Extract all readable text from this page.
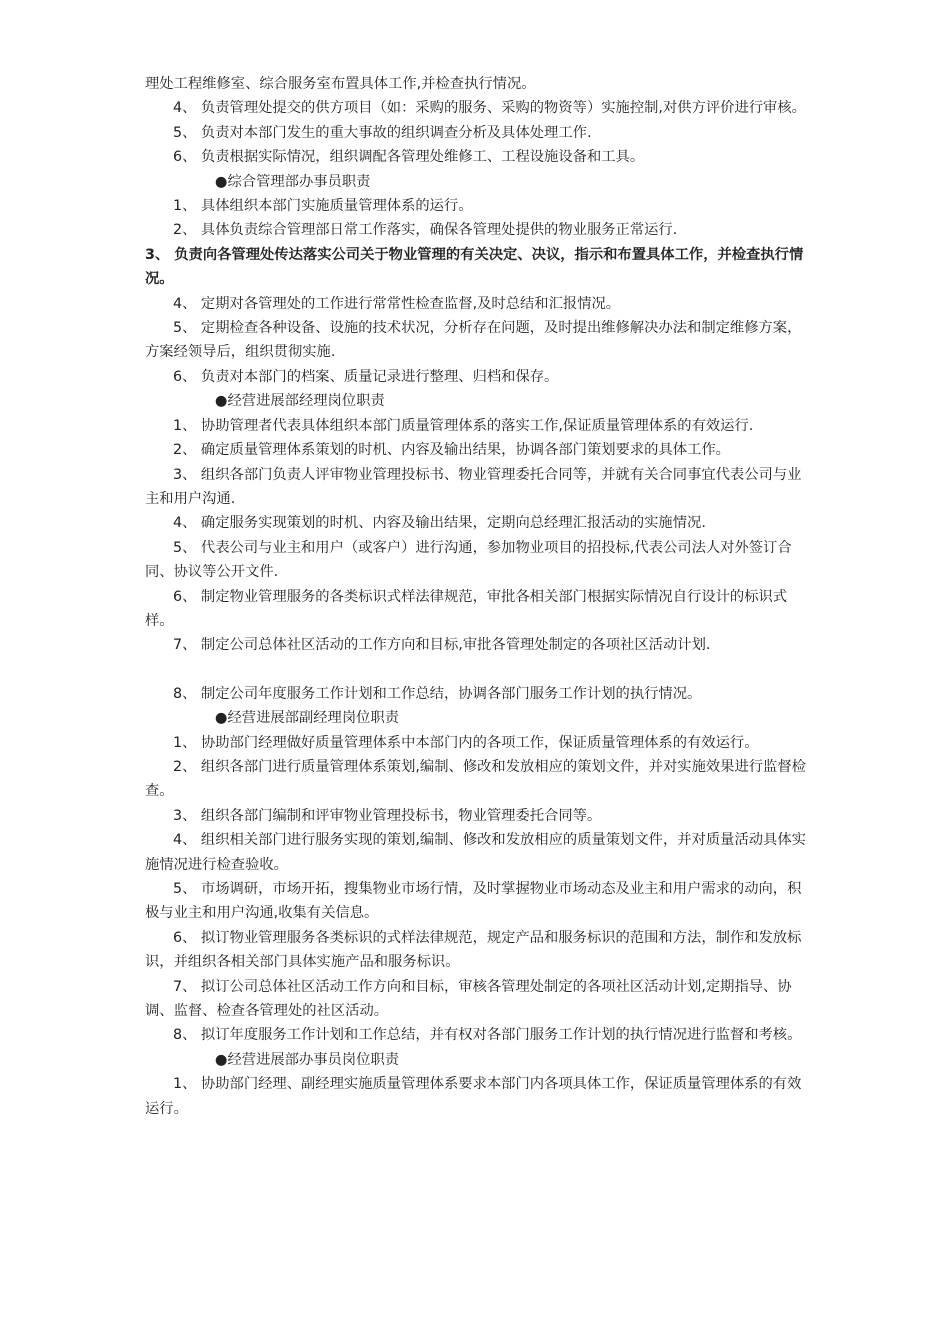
理处工程维修室、综合服务室布置具体工作,并检查执行情况。
4、 负责管理处提交的供方项目（如：采购的服务、采购的物资等）实施控制,对供方评价进行审核。
5、 负责对本部门发生的重大事故的组织调查分析及具体处理工作.
6、 负责根据实际情况，组织调配各管理处维修工、工程设施设备和工具。
●综合管理部办事员职责
1、 具体组织本部门实施质量管理体系的运行。
2、 具体负责综合管理部日常工作落实，确保各管理处提供的物业服务正常运行.
3、 负责向各管理处传达落实公司关于物业管理的有关决定、决议，指示和布置具体工作，并检查执行情况。
4、 定期对各管理处的工作进行常常性检查监督,及时总结和汇报情况。
5、 定期检查各种设备、设施的技术状况，分析存在问题，及时提出维修解决办法和制定维修方案，方案经领导后，组织贯彻实施.
6、 负责对本部门的档案、质量记录进行整理、归档和保存。
●经营进展部经理岗位职责
1、 协助管理者代表具体组织本部门质量管理体系的落实工作,保证质量管理体系的有效运行.
2、 确定质量管理体系策划的时机、内容及输出结果，协调各部门策划要求的具体工作。
3、 组织各部门负责人评审物业管理投标书、物业管理委托合同等，并就有关合同事宜代表公司与业主和用户沟通.
4、 确定服务实现策划的时机、内容及输出结果，定期向总经理汇报活动的实施情况.
5、 代表公司与业主和用户（或客户）进行沟通，参加物业项目的招投标,代表公司法人对外签订合同、协议等公开文件.
6、 制定物业管理服务的各类标识式样法律规范，审批各相关部门根据实际情况自行设计的标识式样。
7、 制定公司总体社区活动的工作方向和目标,审批各管理处制定的各项社区活动计划.
8、 制定公司年度服务工作计划和工作总结，协调各部门服务工作计划的执行情况。
●经营进展部副经理岗位职责
1、 协助部门经理做好质量管理体系中本部门内的各项工作，保证质量管理体系的有效运行。
2、 组织各部门进行质量管理体系策划,编制、修改和发放相应的策划文件，并对实施效果进行监督检查。
3、 组织各部门编制和评审物业管理投标书，物业管理委托合同等。
4、 组织相关部门进行服务实现的策划,编制、修改和发放相应的质量策划文件，并对质量活动具体实施情况进行检查验收。
5、 市场调研，市场开拓，搜集物业市场行情，及时掌握物业市场动态及业主和用户需求的动向，积极与业主和用户沟通,收集有关信息。
6、 拟订物业管理服务各类标识的式样法律规范，规定产品和服务标识的范围和方法，制作和发放标识，并组织各相关部门具体实施产品和服务标识。
7、 拟订公司总体社区活动工作方向和目标，审核各管理处制定的各项社区活动计划,定期指导、协调、监督、检查各管理处的社区活动。
8、 拟订年度服务工作计划和工作总结，并有权对各部门服务工作计划的执行情况进行监督和考核。
●经营进展部办事员岗位职责
1、 协助部门经理、副经理实施质量管理体系要求本部门内各项具体工作，保证质量管理体系的有效运行。
